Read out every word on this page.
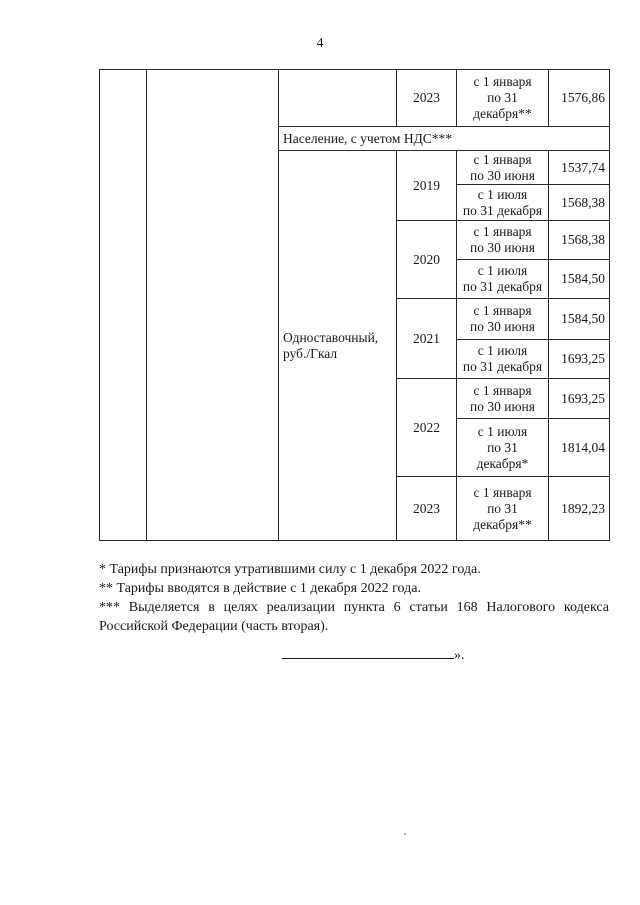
4
			2023	с 1 января
по 31
декабря**	1576,86
		Население, с учетом НДС***			
		Одноставочный,
руб./Гкал	2019	с 1 января
по 30 июня	1537,74
				с 1 июля
по 31 декабря	1568,38
			2020	с 1 января
по 30 июня	1568,38
				с 1 июля
по 31 декабря	1584,50
			2021	с 1 января
по 30 июня	1584,50
				с 1 июля
по 31 декабря	1693,25
			2022	с 1 января
по 30 июня	1693,25
				с 1 июля
по 31
декабря*	1814,04
			2023	с 1 января
по 31
декабря**	1892,23

* Тарифы признаются утратившими силу с 1 декабря 2022 года.

** Тарифы вводятся в действие с 1 декабря 2022 года.

*** Выделяется в целях реализации пункта 6 статьи 168 Налогового кодекса Российской Федерации (часть вторая).

».
